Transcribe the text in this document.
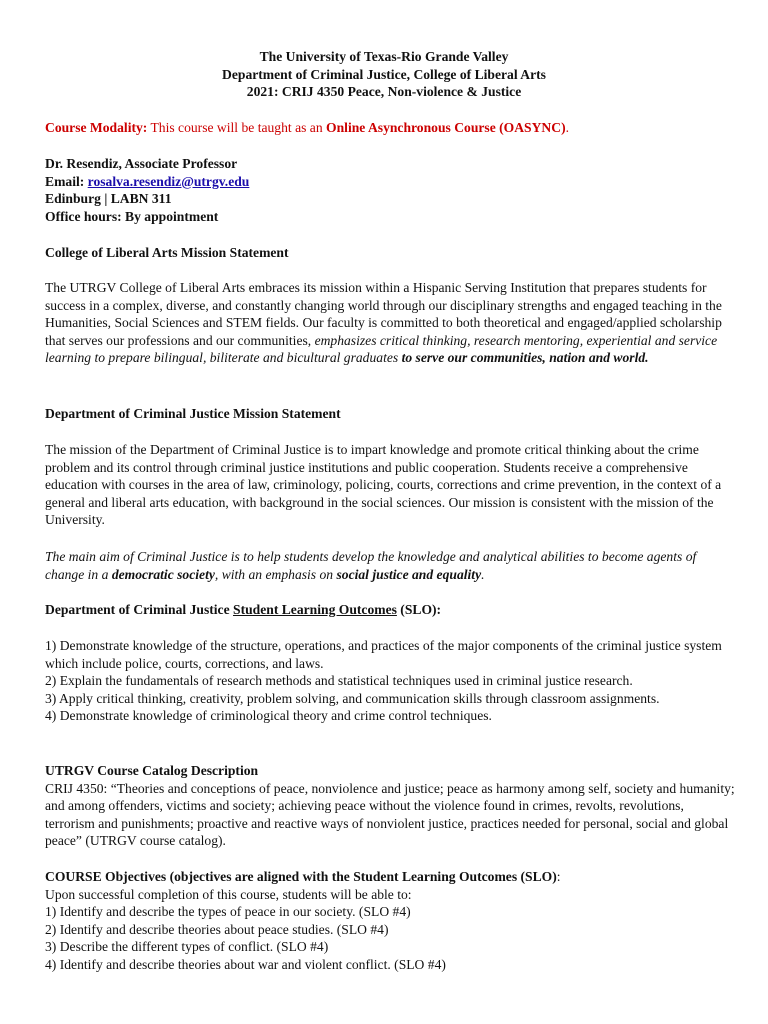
The University of Texas-Rio Grande Valley

Department of Criminal Justice, College of Liberal Arts

2021: CRIJ 4350 Peace, Non-violence & Justice

Course Modality: This course will be taught as an Online Asynchronous Course (OASYNC).

Dr. Resendiz, Associate Professor

Email: rosalva.resendiz@utrgv.edu

Edinburg | LABN 311

Office hours: By appointment

College of Liberal Arts Mission Statement

The UTRGV College of Liberal Arts embraces its mission within a Hispanic Serving Institution that prepares students for success in a complex, diverse, and constantly changing world through our disciplinary strengths and engaged teaching in the Humanities, Social Sciences and STEM fields. Our faculty is committed to both theoretical and engaged/applied scholarship that serves our professions and our communities, emphasizes critical thinking, research mentoring, experiential and service learning to prepare bilingual, biliterate and bicultural graduates to serve our communities, nation and world.

Department of Criminal Justice Mission Statement

The mission of the Department of Criminal Justice is to impart knowledge and promote critical thinking about the crime problem and its control through criminal justice institutions and public cooperation. Students receive a comprehensive education with courses in the area of law, criminology, policing, courts, corrections and crime prevention, in the context of a general and liberal arts education, with background in the social sciences. Our mission is consistent with the mission of the University.

The main aim of Criminal Justice is to help students develop the knowledge and analytical abilities to become agents of change in a democratic society, with an emphasis on social justice and equality.

Department of Criminal Justice Student Learning Outcomes (SLO):

1) Demonstrate knowledge of the structure, operations, and practices of the major components of the criminal justice system which include police, courts, corrections, and laws.

2) Explain the fundamentals of research methods and statistical techniques used in criminal justice research.

3) Apply critical thinking, creativity, problem solving, and communication skills through classroom assignments.

4) Demonstrate knowledge of criminological theory and crime control techniques.

UTRGV Course Catalog Description

CRIJ 4350: “Theories and conceptions of peace, nonviolence and justice; peace as harmony among self, society and humanity; and among offenders, victims and society; achieving peace without the violence found in crimes, revolts, revolutions, terrorism and punishments; proactive and reactive ways of nonviolent justice, practices needed for personal, social and global peace” (UTRGV course catalog).

COURSE Objectives (objectives are aligned with the Student Learning Outcomes (SLO):

Upon successful completion of this course, students will be able to:

1) Identify and describe the types of peace in our society. (SLO #4)

2) Identify and describe theories about peace studies. (SLO #4)

3) Describe the different types of conflict. (SLO #4)

4) Identify and describe theories about war and violent conflict. (SLO #4)
